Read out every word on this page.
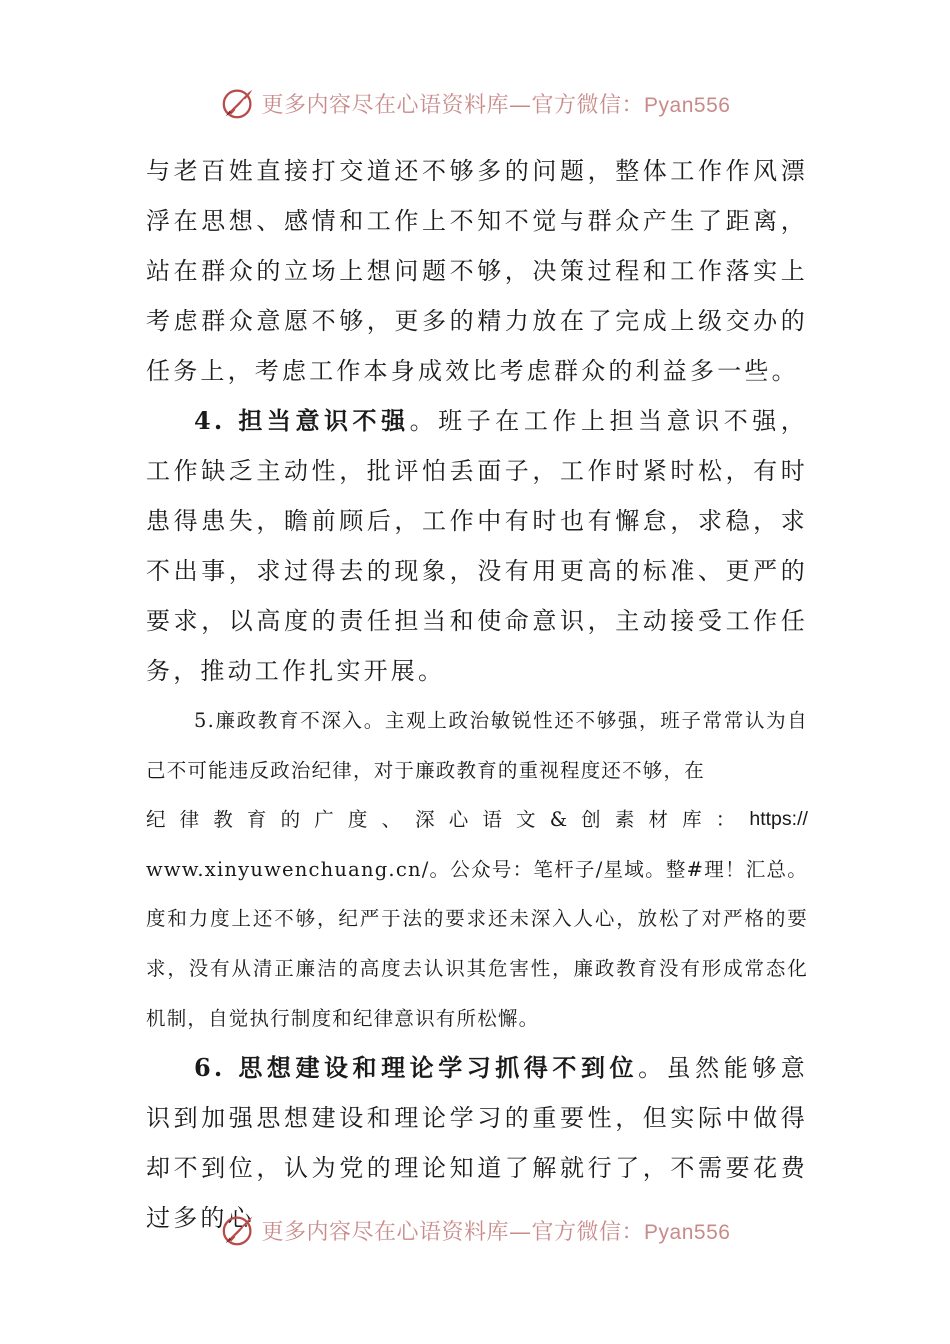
更多内容尽在心语资料库—官方微信：Pyan556

与老百姓直接打交道还不够多的问题，整体工作作风漂浮在思想、感情和工作上不知不觉与群众产生了距离，站在群众的立场上想问题不够，决策过程和工作落实上考虑群众意愿不够，更多的精力放在了完成上级交办的任务上，考虑工作本身成效比考虑群众的利益多一些。

4. 担当意识不强。班子在工作上担当意识不强，工作缺乏主动性，批评怕丢面子，工作时紧时松，有时患得患失，瞻前顾后，工作中有时也有懈怠，求稳，求不出事，求过得去的现象，没有用更高的标准、更严的要求，以高度的责任担当和使命意识，主动接受工作任务，推动工作扎实开展。

5.廉政教育不深入。主观上政治敏锐性还不够强，班子常常认为自己不可能违反政治纪律，对于廉政教育的重视程度还不够，在

纪 律 教 育 的 广 度 、 深 心 语 文 & 创 素 材 库 ： https://

www.xinyuwenchuang.cn/。公众号：笔杆子/星域。整#理！汇总。度和力度上还不够，纪严于法的要求还未深入人心，放松了对严格的要求，没有从清正廉洁的高度去认识其危害性，廉政教育没有形成常态化机制，自觉执行制度和纪律意识有所松懈。

6. 思想建设和理论学习抓得不到位。虽然能够意识到加强思想建设和理论学习的重要性，但实际中做得却不到位，认为党的理论知道了解就行了，不需要花费过多的心 更多内容尽在心语资料库—官方微信：Pyan556
